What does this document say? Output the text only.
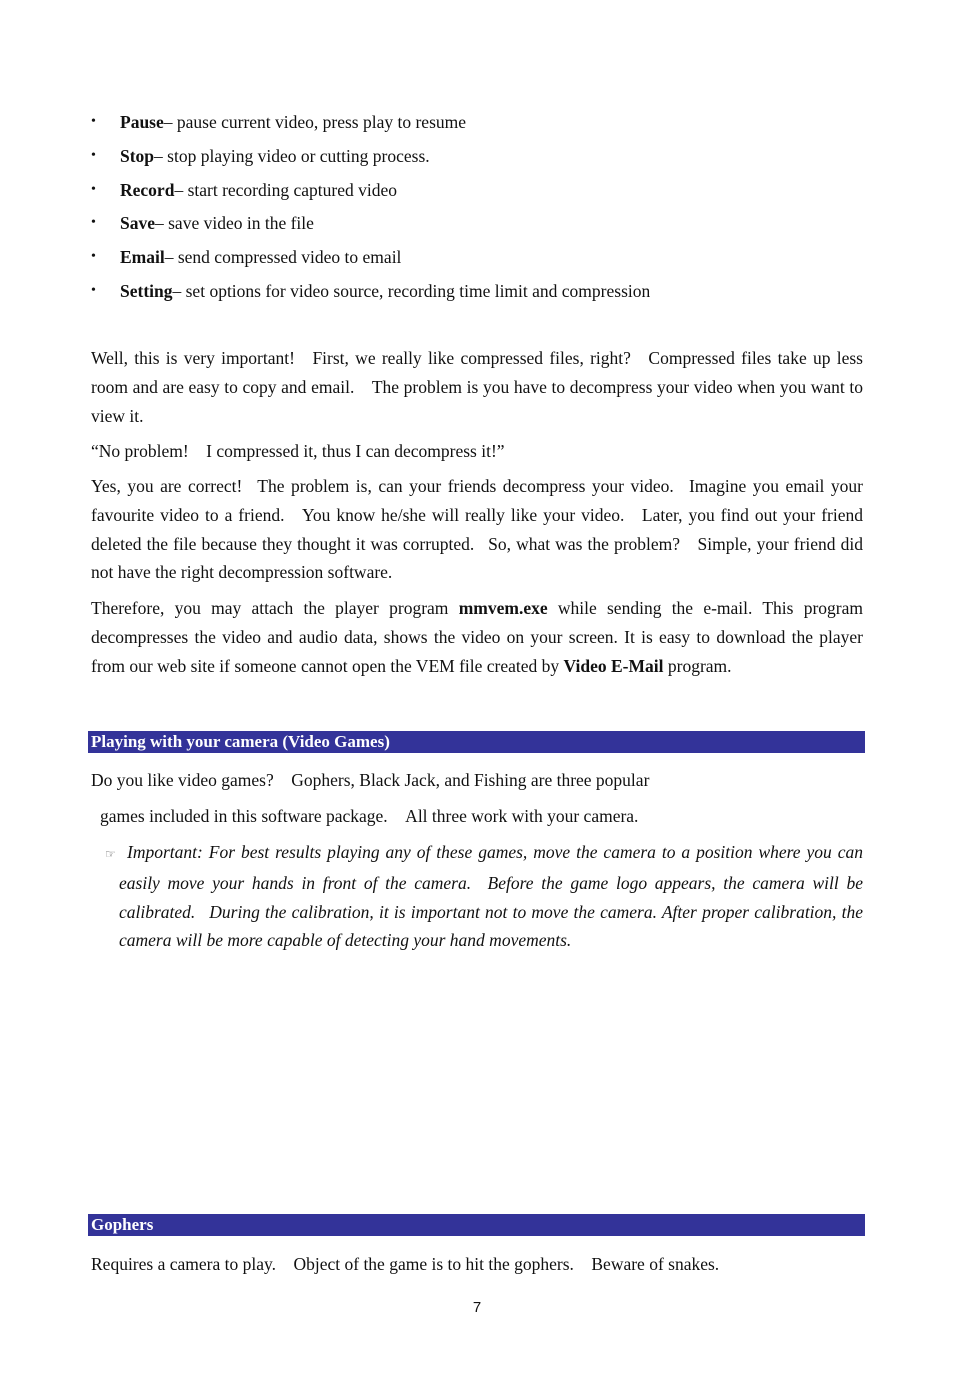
• Pause– pause current video, press play to resume
• Stop– stop playing video or cutting process.
• Record– start recording captured video
• Save– save video in the file
• Email– send compressed video to email
• Setting– set options for video source, recording time limit and compression

Well, this is very important! First, we really like compressed files, right? Compressed files take up less room and are easy to copy and email. The problem is you have to decompress your video when you want to view it.

“No problem! I compressed it, thus I can decompress it!”

Yes, you are correct!  The problem is, can your friends decompress your video.  Imagine you email your favourite video to a friend. You know he/she will really like your video. Later, you find out your friend deleted the file because they thought it was corrupted.  So, what was the problem? Simple, your friend did not have the right decompression software.

Therefore, you may attach the player program mmvem.exe while sending the e-mail. This program decompresses the video and audio data, shows the video on your screen. It is easy to download the player from our web site if someone cannot open the VEM file created by Video E-Mail program.

Playing with your camera (Video Games)

Do you like video games? Gophers, Black Jack, and Fishing are three popular

games included in this software package. All three work with your camera.

☞ Important: For best results playing any of these games, move the camera to a position where you can easily move your hands in front of the camera.  Before the game logo appears, the camera will be calibrated.  During the calibration, it is important not to move the camera. After proper calibration, the camera will be more capable of detecting your hand movements.

Gophers

Requires a camera to play. Object of the game is to hit the gophers. Beware of snakes.

7
